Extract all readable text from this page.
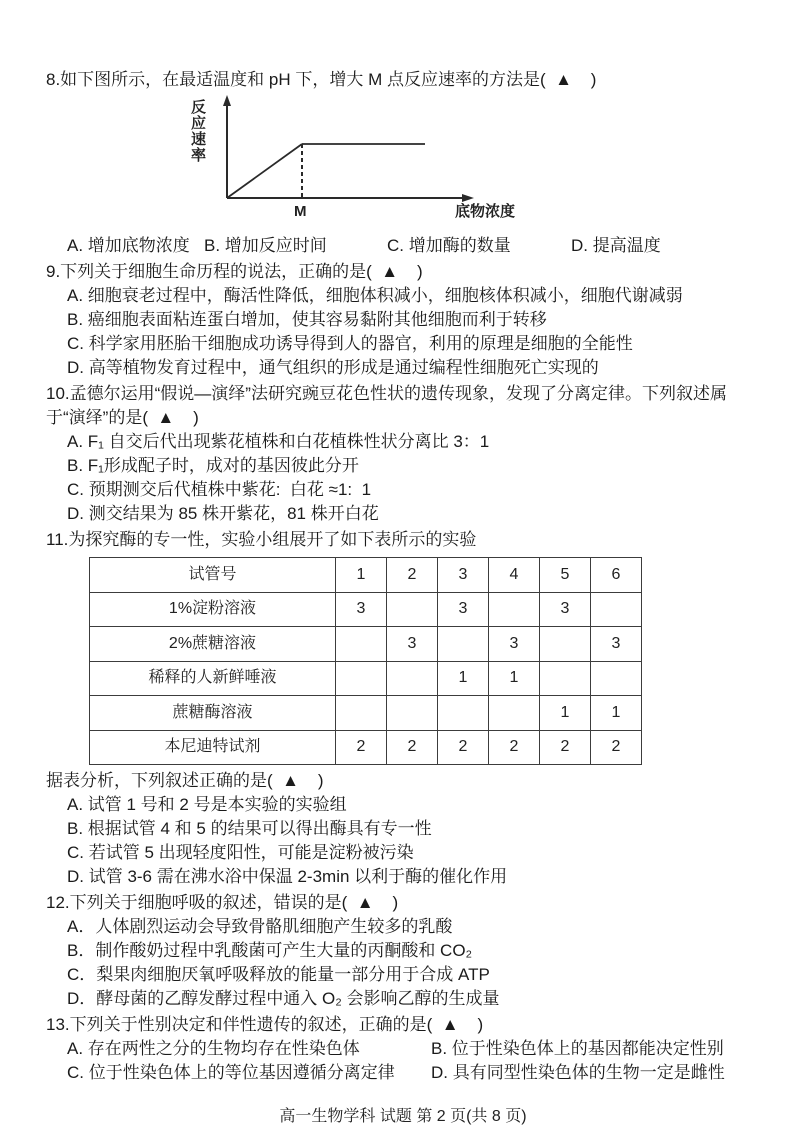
8.如下图所示，在最适温度和 pH 下，增大 M 点反应速率的方法是(  ▲    )
反应速率
M	底物浓度
A. 增加底物浓度 B. 增加反应时间	C. 增加酶的数量	D. 提高温度
9.下列关于细胞生命历程的说法，正确的是(  ▲    )
A. 细胞衰老过程中，酶活性降低，细胞体积减小，细胞核体积减小，细胞代谢减弱
B. 癌细胞表面粘连蛋白增加，使其容易黏附其他细胞而利于转移
C. 科学家用胚胎干细胞成功诱导得到人的器官，利用的原理是细胞的全能性
D. 高等植物发育过程中，通气组织的形成是通过编程性细胞死亡实现的
10.孟德尔运用“假说—演绎”法研究豌豆花色性状的遗传现象，发现了分离定律。下列叙述属于“演绎”的是(  ▲    )
A. F₁ 自交后代出现紫花植株和白花植株性状分离比 3：1
B. F₁形成配子时，成对的基因彼此分开
C. 预期测交后代植株中紫花:  白花 ≈1:  1
D. 测交结果为 85 株开紫花，81 株开白花
11.为探究酶的专一性，实验小组展开了如下表所示的实验
试管号	1	2	3	4	5	6
1%淀粉溶液	3		3		3	
2%蔗糖溶液		3		3		3
稀释的人新鲜唾液			1	1		
蔗糖酶溶液					1	1
本尼迪特试剂	2	2	2	2	2	2
据表分析，下列叙述正确的是(  ▲    )
A. 试管 1 号和 2 号是本实验的实验组
B. 根据试管 4 和 5 的结果可以得出酶具有专一性
C. 若试管 5 出现轻度阳性，可能是淀粉被污染
D. 试管 3-6 需在沸水浴中保温 2-3min 以利于酶的催化作用
12.下列关于细胞呼吸的叙述，错误的是(  ▲    )
A．人体剧烈运动会导致骨骼肌细胞产生较多的乳酸
B．制作酸奶过程中乳酸菌可产生大量的丙酮酸和 CO₂
C．梨果肉细胞厌氧呼吸释放的能量一部分用于合成 ATP
D．酵母菌的乙醇发酵过程中通入 O₂ 会影响乙醇的生成量
13.下列关于性别决定和伴性遗传的叙述，正确的是(  ▲    )
A. 存在两性之分的生物均存在性染色体	B. 位于性染色体上的基因都能决定性别
C. 位于性染色体上的等位基因遵循分离定律	D. 具有同型性染色体的生物一定是雌性
高一生物学科 试题 第 2 页(共 8 页)
